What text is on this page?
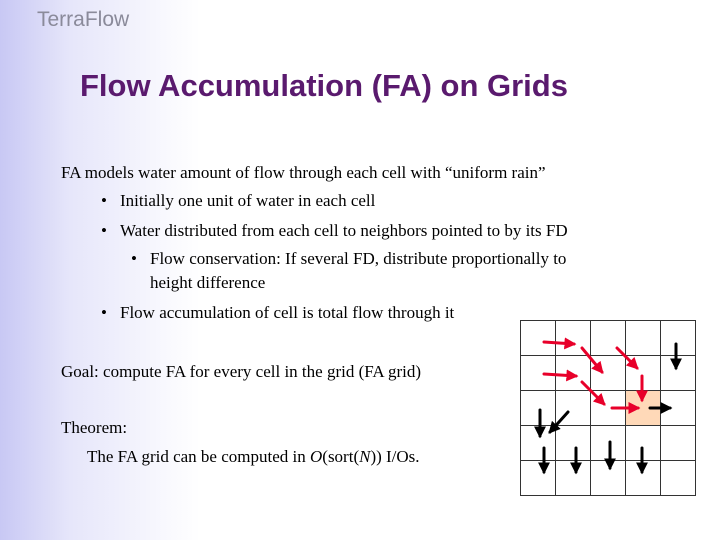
TerraFlow
Flow Accumulation (FA) on Grids
FA models water amount of flow through each cell with “uniform rain”
• Initially one unit of water in each cell
• Water distributed from each cell to neighbors pointed to by its FD
• Flow conservation: If several FD, distribute proportionally to
height difference
• Flow accumulation of cell is total flow through it
Goal: compute FA for every cell in the grid (FA grid)
Theorem:
The FA grid can be computed in O(sort(N)) I/Os.
